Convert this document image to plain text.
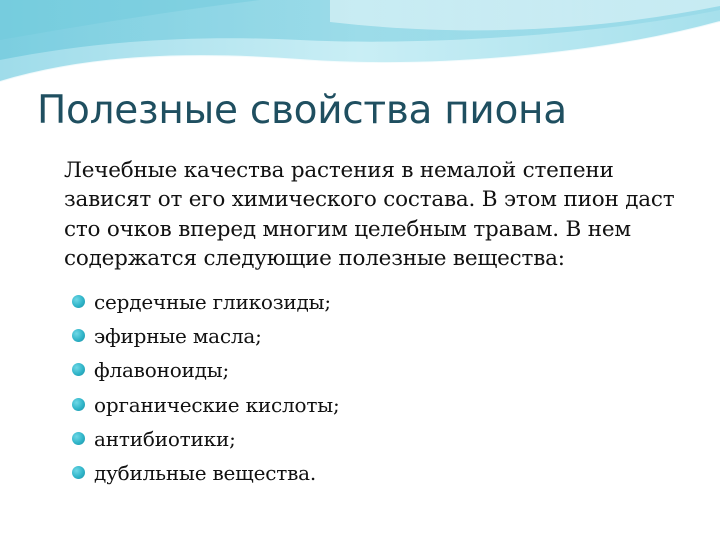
Полезные свойства пиона

Лечебные качества растения в немалой степени зависят от его химического состава. В этом пион даст сто очков вперед многим целебным травам. В нем содержатся следующие полезные вещества:

сердечные гликозиды;
эфирные масла;
флавоноиды;
органические кислоты;
антибиотики;
дубильные вещества.
